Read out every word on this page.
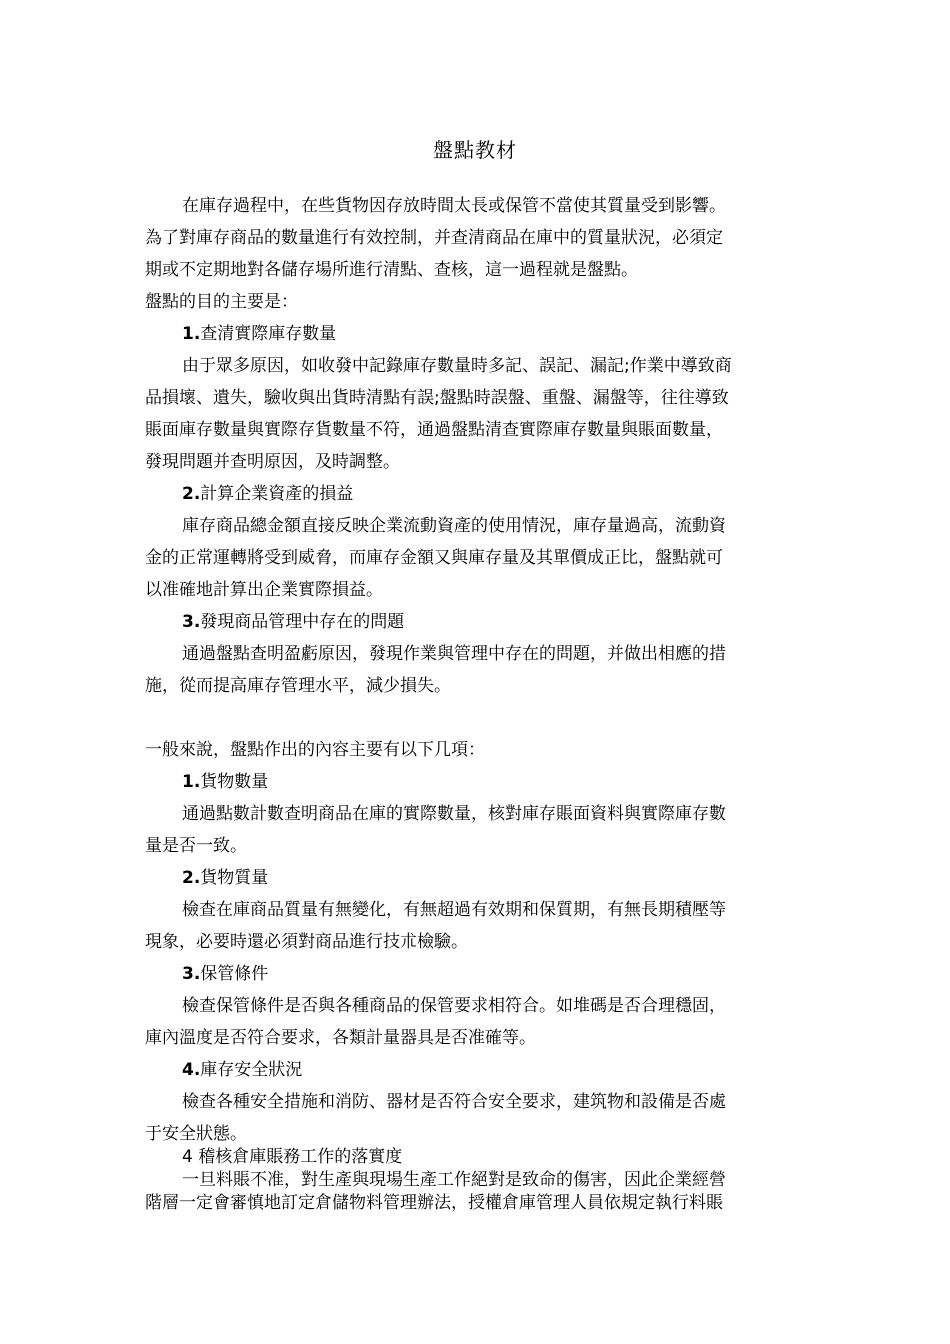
盤點教材
在庫存過程中，在些貨物因存放時間太長或保管不當使其質量受到影響。
為了對庫存商品的數量進行有效控制，并查清商品在庫中的質量狀況，必須定
期或不定期地對各儲存場所進行清點、查核，這一過程就是盤點。
盤點的目的主要是：
1.查清實際庫存數量
由于眾多原因，如收發中記錄庫存數量時多記、誤記、漏記;作業中導致商
品損壞、遺失，驗收與出貨時清點有誤;盤點時誤盤、重盤、漏盤等，往往導致
賬面庫存數量與實際存貨數量不符，通過盤點清查實際庫存數量與賬面數量，
發現問題并查明原因，及時調整。
2.計算企業資產的損益
庫存商品總金額直接反映企業流動資產的使用情況，庫存量過高，流動資
金的正常運轉將受到威脅，而庫存金額又與庫存量及其單價成正比，盤點就可
以准確地計算出企業實際損益。
3.發現商品管理中存在的問題
通過盤點查明盈虧原因，發現作業與管理中存在的問題，并做出相應的措
施，從而提高庫存管理水平，減少損失。
一般來說，盤點作出的內容主要有以下几項：
1.貨物數量
通過點數計數查明商品在庫的實際數量，核對庫存賬面資料與實際庫存數
量是否一致。
2.貨物質量
檢查在庫商品質量有無變化，有無超過有效期和保質期，有無長期積壓等
現象，必要時還必須對商品進行技朮檢驗。
3.保管條件
檢查保管條件是否與各種商品的保管要求相符合。如堆碼是否合理穩固，
庫內溫度是否符合要求，各類計量器具是否准確等。
4.庫存安全狀況
檢查各種安全措施和消防、器材是否符合安全要求，建筑物和設備是否處
于安全狀態。
4 稽核倉庫賬務工作的落實度
一旦料賬不准，對生產與現場生產工作絕對是致命的傷害，因此企業經營
階層一定會審慎地訂定倉儲物料管理辦法，授權倉庫管理人員依規定執行料賬
